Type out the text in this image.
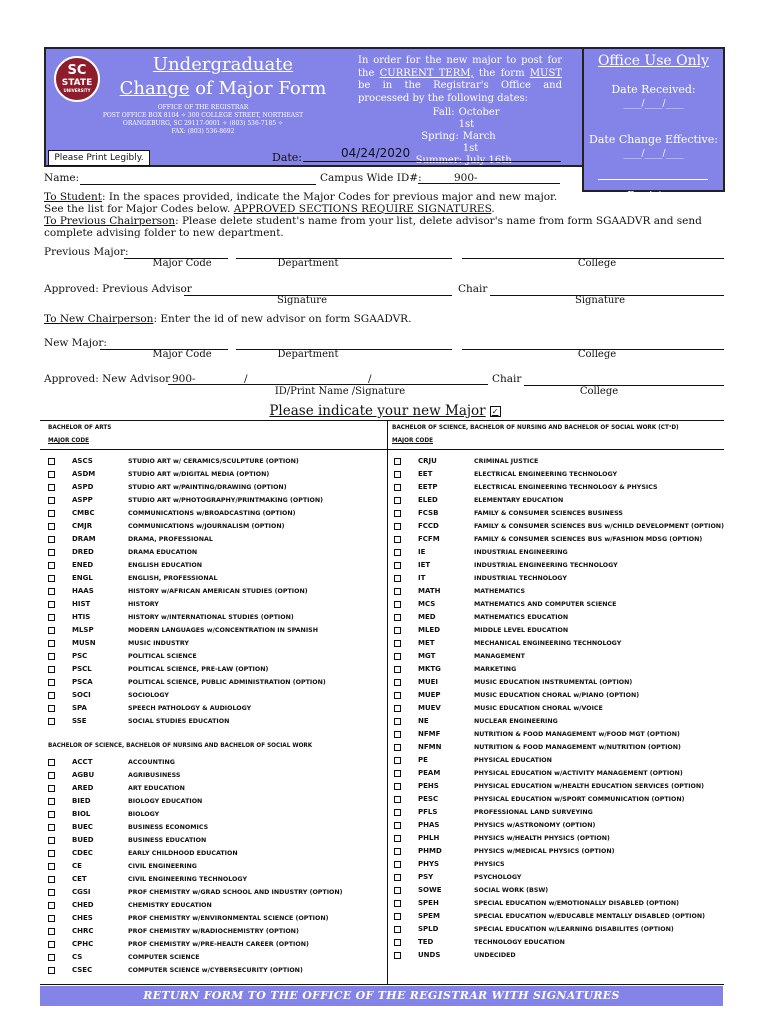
SC
STATE
UNIVERSITY
Undergraduate
Change of Major Form
OFFICE OF THE REGISTRAR
POST OFFICE BOX 8104 ✧ 300 COLLEGE STREET, NORTHEAST
ORANGEBURG, SC 29117-0001 ✧ (803) 536-7185 ✧
FAX: (803) 536-8692
In order for the new major to post for the CURRENT TERM, the form MUST be in the Registrar's Office and processed by the following dates:
Fall: October 1st
Spring: March 1st
Summer: July 16th
Office Use Only
Date Received:
____/____/____
Date Change Effective:
____/____/____
Registrar
Please Print Legibly.	Date:	04/24/2020
Name:	Campus Wide ID#:	900-
To Student: In the spaces provided, indicate the Major Codes for previous major and new major.
See the list for Major Codes below. APPROVED SECTIONS REQUIRE SIGNATURES.
To Previous Chairperson: Please delete student's name from your list, delete advisor's name from form SGAADVR and send complete advising folder to new department.
Previous Major:
Major Code	Department	College
Approved: Previous Advisor	Chair
Signature	Signature
To New Chairperson: Enter the id of new advisor on form SGAADVR.
New Major:
Major Code	Department	College
Approved: New Advisor 900-	/	/	Chair
ID/Print Name /Signature	College
Please indicate your new Major ✓
BACHELOR OF ARTS
MAJOR CODE
BACHELOR OF SCIENCE, BACHELOR OF NURSING AND BACHELOR OF SOCIAL WORK (CT¹D)
MAJOR CODE
ASCS	STUDIO ART w/ CERAMICS/SCULPTURE (OPTION)
ASDM	STUDIO ART w/DIGITAL MEDIA (OPTION)
ASPD	STUDIO ART w/PAINTING/DRAWING (OPTION)
ASPP	STUDIO ART w/PHOTOGRAPHY/PRINTMAKING (OPTION)
CMBC	COMMUNICATIONS w/BROADCASTING (OPTION)
CMJR	COMMUNICATIONS w/JOURNALISM (OPTION)
DRAM	DRAMA, PROFESSIONAL
DRED	DRAMA EDUCATION
ENED	ENGLISH EDUCATION
ENGL	ENGLISH, PROFESSIONAL
HAAS	HISTORY w/AFRICAN AMERICAN STUDIES (OPTION)
HIST	HISTORY
HTIS	HISTORY w/INTERNATIONAL STUDIES (OPTION)
MLSP	MODERN LANGUAGES w/CONCENTRATION IN SPANISH
MUSN	MUSIC INDUSTRY
PSC	POLITICAL SCIENCE
PSCL	POLITICAL SCIENCE, PRE-LAW (OPTION)
PSCA	POLITICAL SCIENCE, PUBLIC ADMINISTRATION (OPTION)
SOCI	SOCIOLOGY
SPA	SPEECH PATHOLOGY & AUDIOLOGY
SSE	SOCIAL STUDIES EDUCATION
BACHELOR OF SCIENCE, BACHELOR OF NURSING AND BACHELOR OF SOCIAL WORK
ACCT	ACCOUNTING
AGBU	AGRIBUSINESS
ARED	ART EDUCATION
BIED	BIOLOGY EDUCATION
BIOL	BIOLOGY
BUEC	BUSINESS ECONOMICS
BUED	BUSINESS EDUCATION
CDEC	EARLY CHILDHOOD EDUCATION
CE	CIVIL ENGINEERING
CET	CIVIL ENGINEERING TECHNOLOGY
CGSI	PROF CHEMISTRY w/GRAD SCHOOL AND INDUSTRY (OPTION)
CHED	CHEMISTRY EDUCATION
CHES	PROF CHEMISTRY w/ENVIRONMENTAL SCIENCE (OPTION)
CHRC	PROF CHEMISTRY w/RADIOCHEMISTRY (OPTION)
CPHC	PROF CHEMISTRY w/PRE-HEALTH CAREER (OPTION)
CS	COMPUTER SCIENCE
CSEC	COMPUTER SCIENCE w/CYBERSECURITY (OPTION)
CRJU	CRIMINAL JUSTICE
EET	ELECTRICAL ENGINEERING TECHNOLOGY
EETP	ELECTRICAL ENGINEERING TECHNOLOGY & PHYSICS
ELED	ELEMENTARY EDUCATION
FCSB	FAMILY & CONSUMER SCIENCES BUSINESS
FCCD	FAMILY & CONSUMER SCIENCES BUS w/CHILD DEVELOPMENT (OPTION)
FCFM	FAMILY & CONSUMER SCIENCES BUS w/FASHION MDSG (OPTION)
IE	INDUSTRIAL ENGINEERING
IET	INDUSTRIAL ENGINEERING TECHNOLOGY
IT	INDUSTRIAL TECHNOLOGY
MATH	MATHEMATICS
MCS	MATHEMATICS AND COMPUTER SCIENCE
MED	MATHEMATICS EDUCATION
MLED	MIDDLE LEVEL EDUCATION
MET	MECHANICAL ENGINEERING TECHNOLOGY
MGT	MANAGEMENT
MKTG	MARKETING
MUEI	MUSIC EDUCATION INSTRUMENTAL (OPTION)
MUEP	MUSIC EDUCATION CHORAL w/PIANO (OPTION)
MUEV	MUSIC EDUCATION CHORAL w/VOICE
NE	NUCLEAR ENGINEERING
NFMF	NUTRITION & FOOD MANAGEMENT w/FOOD MGT (OPTION)
NFMN	NUTRITION & FOOD MANAGEMENT w/NUTRITION (OPTION)
PE	PHYSICAL EDUCATION
PEAM	PHYSICAL EDUCATION w/ACTIVITY MANAGEMENT (OPTION)
PEHS	PHYSICAL EDUCATION w/HEALTH EDUCATION SERVICES (OPTION)
PESC	PHYSICAL EDUCATION w/SPORT COMMUNICATION (OPTION)
PFLS	PROFESSIONAL LAND SURVEYING
PHAS	PHYSICS w/ASTRONOMY (OPTION)
PHLH	PHYSICS w/HEALTH PHYSICS (OPTION)
PHMD	PHYSICS w/MEDICAL PHYSICS (OPTION)
PHYS	PHYSICS
PSY	PSYCHOLOGY
SOWE	SOCIAL WORK (BSW)
SPEH	SPECIAL EDUCATION w/EMOTIONALLY DISABLED (OPTION)
SPEM	SPECIAL EDUCATION w/EDUCABLE MENTALLY DISABLED (OPTION)
SPLD	SPECIAL EDUCATION w/LEARNING DISABILITES (OPTION)
TED	TECHNOLOGY EDUCATION
UNDS	UNDECIDED
RETURN FORM TO THE OFFICE OF THE REGISTRAR WITH SIGNATURES
